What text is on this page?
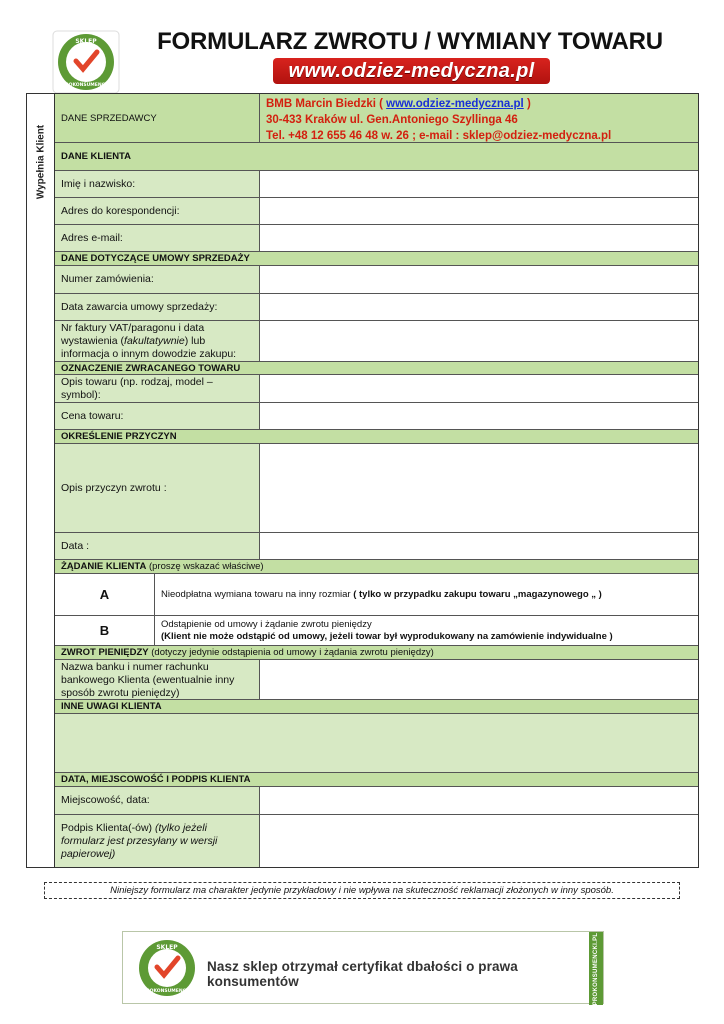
SKLEP
PROKONSUMENCKI
FORMULARZ ZWROTU / WYMIANY TOWARU
www.odziez-medyczna.pl
Wypełnia Klient
DANE SPRZEDAWCY
BMB Marcin Biedzki ( www.odziez-medyczna.pl )
30-433 Kraków ul. Gen.Antoniego Szyllinga 46
Tel. +48 12 655 46 48 w. 26 ; e-mail : sklep@odziez-medyczna.pl
DANE KLIENTA
Imię i nazwisko:
Adres do korespondencji:
Adres e-mail:
DANE DOTYCZĄCE UMOWY SPRZEDAŻY
Numer zamówienia:
Data zawarcia umowy sprzedaży:
Nr faktury VAT/paragonu i data wystawienia (fakultatywnie) lub informacja o innym dowodzie zakupu:
OZNACZENIE ZWRACANEGO TOWARU
Opis towaru (np. rodzaj, model – symbol):
Cena towaru:
OKREŚLENIE PRZYCZYN
Opis przyczyn zwrotu :
Data :
ŻĄDANIE KLIENTA (proszę wskazać właściwe)
A	Nieodpłatna wymiana towaru na inny rozmiar ( tylko w przypadku zakupu towaru „magazynowego „ )
B	Odstąpienie od umowy i żądanie zwrotu pieniędzy
(Klient nie może odstąpić od umowy, jeżeli towar był wyprodukowany na zamówienie indywidualne )
ZWROT PIENIĘDZY (dotyczy jedynie odstąpienia od umowy i żądania zwrotu pieniędzy)
Nazwa banku i numer rachunku bankowego Klienta (ewentualnie inny sposób zwrotu pieniędzy)
INNE UWAGI KLIENTA
DATA, MIEJSCOWOŚĆ I PODPIS KLIENTA
Miejscowość, data:
Podpis Klienta(-ów) (tylko jeżeli formularz jest przesyłany w wersji papierowej)
Niniejszy formularz ma charakter jedynie przykładowy i nie wpływa na skuteczność reklamacji złożonych w inny sposób.
SKLEP
PROKONSUMENCKI
Nasz sklep otrzymał certyfikat dbałości o prawa konsumentów	PROKONSUMENCKI.PL
